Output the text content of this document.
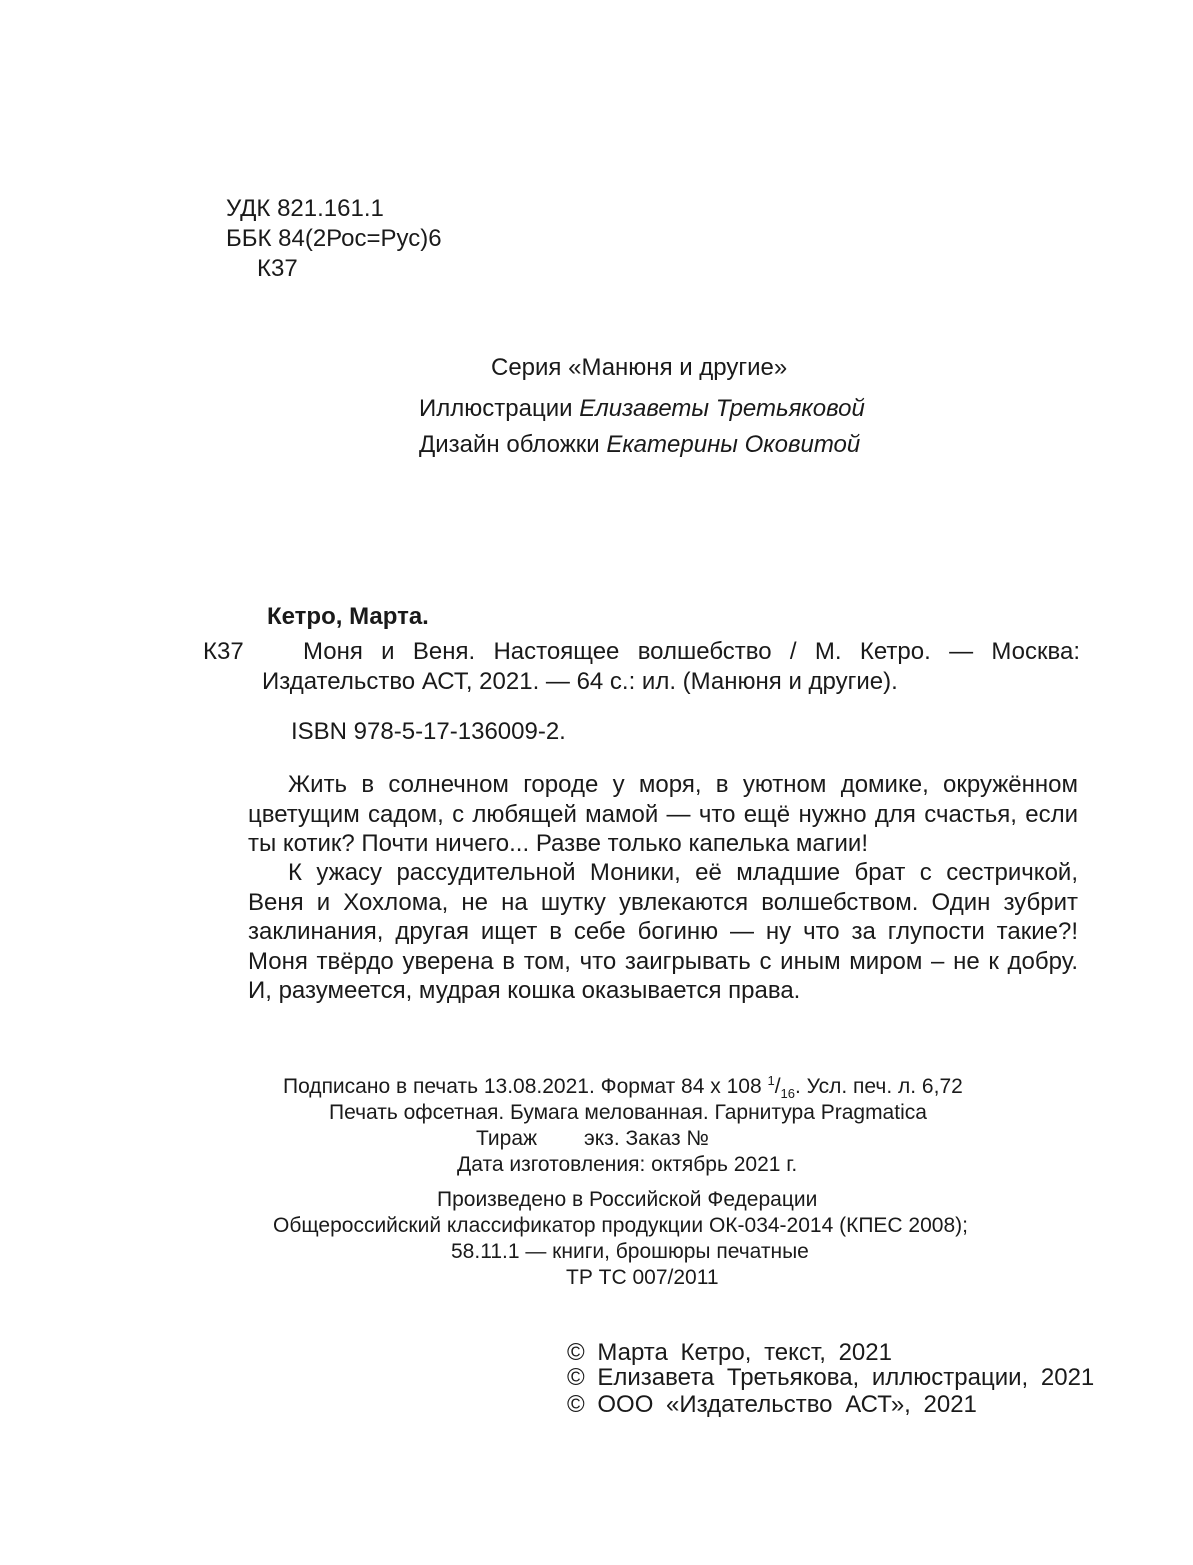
УДК 821.161.1
ББК 84(2Рос=Рус)6
К37
Серия «Манюня и другие»
Иллюстрации Елизаветы Третьяковой
Дизайн обложки Екатерины Оковитой
Кетро, Марта.
К37 Моня и Веня. Настоящее волшебство / М. Кетро. — Москва:
Издательство АСТ, 2021. — 64 с.: ил. (Манюня и другие).
ISBN 978-5-17-136009-2.
Жить в солнечном городе у моря, в уютном домике, окружённом цветущим садом, с любящей мамой — что ещё нужно для счастья, если ты котик? Почти ничего... Разве только капелька магии!
К ужасу рассудительной Моники, её младшие брат с сестричкой, Веня и Хохлома, не на шутку увлекаются волшебством. Один зубрит заклинания, другая ищет в себе богиню — ну что за глупости такие?! Моня твёрдо уверена в том, что заигрывать с иным миром – не к добру. И, разумеется, мудрая кошка оказывается права.
Подписано в печать 13.08.2021. Формат 84 х 108 $^1/_{16}$. Усл. печ. л. 6,72
Печать офсетная. Бумага мелованная. Гарнитура Pragmatica
Тираж экз. Заказ №
Дата изготовления: октябрь 2021 г.
Произведено в Российской Федерации
Общероссийский классификатор продукции ОК-034-2014 (КПЕС 2008);
58.11.1 — книги, брошюры печатные
ТР ТС 007/2011
© Марта Кетро, текст, 2021
© Елизавета Третьякова, иллюстрации, 2021
© ООО «Издательство АСТ», 2021
